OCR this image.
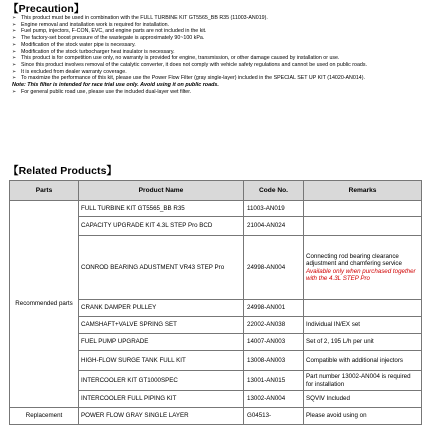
【Precaution】
➢ This product must be used in combination with the FULL TURBINE KIT GT5565_BB R35 (11003-AN019).
➢ Engine removal and installation work is required for installation.
➢ Fuel pump, injectors, F-CON, EVC, and engine parts are not included in the kit.
➢ The factory-set boost pressure of the wastegate is approximately 90~100 kPa.
➢ Modification of the stock water pipe is necessary.
➢ Modification of the stock turbocharger heat insulator is necessary.
➢ This product is for competition use only, no warranty is provided for engine, transmission, or other damage caused by installation or use.
➢ Since this product involves removal of the catalytic converter, it does not comply with vehicle safety regulations and cannot be used on public roads.
➢ It is excluded from dealer warranty coverage.
➢ To maximize the performance of this kit, please use the Power Flow Filter (gray single-layer) included in the SPECIAL SET UP KIT (14020-AN014).
Note: This filter is intended for race trial use only. Avoid using it on public roads.
➢ For general public road use, please use the included dual-layer wet filter.
【Related Products】
Parts	Product Name	Code No.	Remarks
Recommended parts	FULL TURBINE KIT GT5565_BB R35	11003-AN019	
	CAPACITY UPGRADE KIT 4.3L STEP Pro BCD	21004-AN024	
	CONROD BEARING ADUSTMENT VR43 STEP Pro	24998-AN004	Connecting rod bearing clearance adjustment and chamfering service
Available only when purchased together with the 4.3L STEP Pro
	CRANK DAMPER PULLEY	24998-AN001	
	CAMSHAFT+VALVE SPRING SET	22002-AN038	Individual IN/EX set
	FUEL PUMP UPGRADE	14007-AN003	Set of 2, 195 L/h per unit
	HIGH-FLOW SURGE TANK FULL KIT	13008-AN003	Compatible with additional injectors
	INTERCOOLER KIT GT1000SPEC	13001-AN015	Part number 13002-AN004 is required for installation
	INTERCOOLER FULL PIPING KIT	13002-AN004	SQVⅣ Included
Replacement	POWER FLOW GRAY SINGLE LAYER	G04513-	Please avoid using on
